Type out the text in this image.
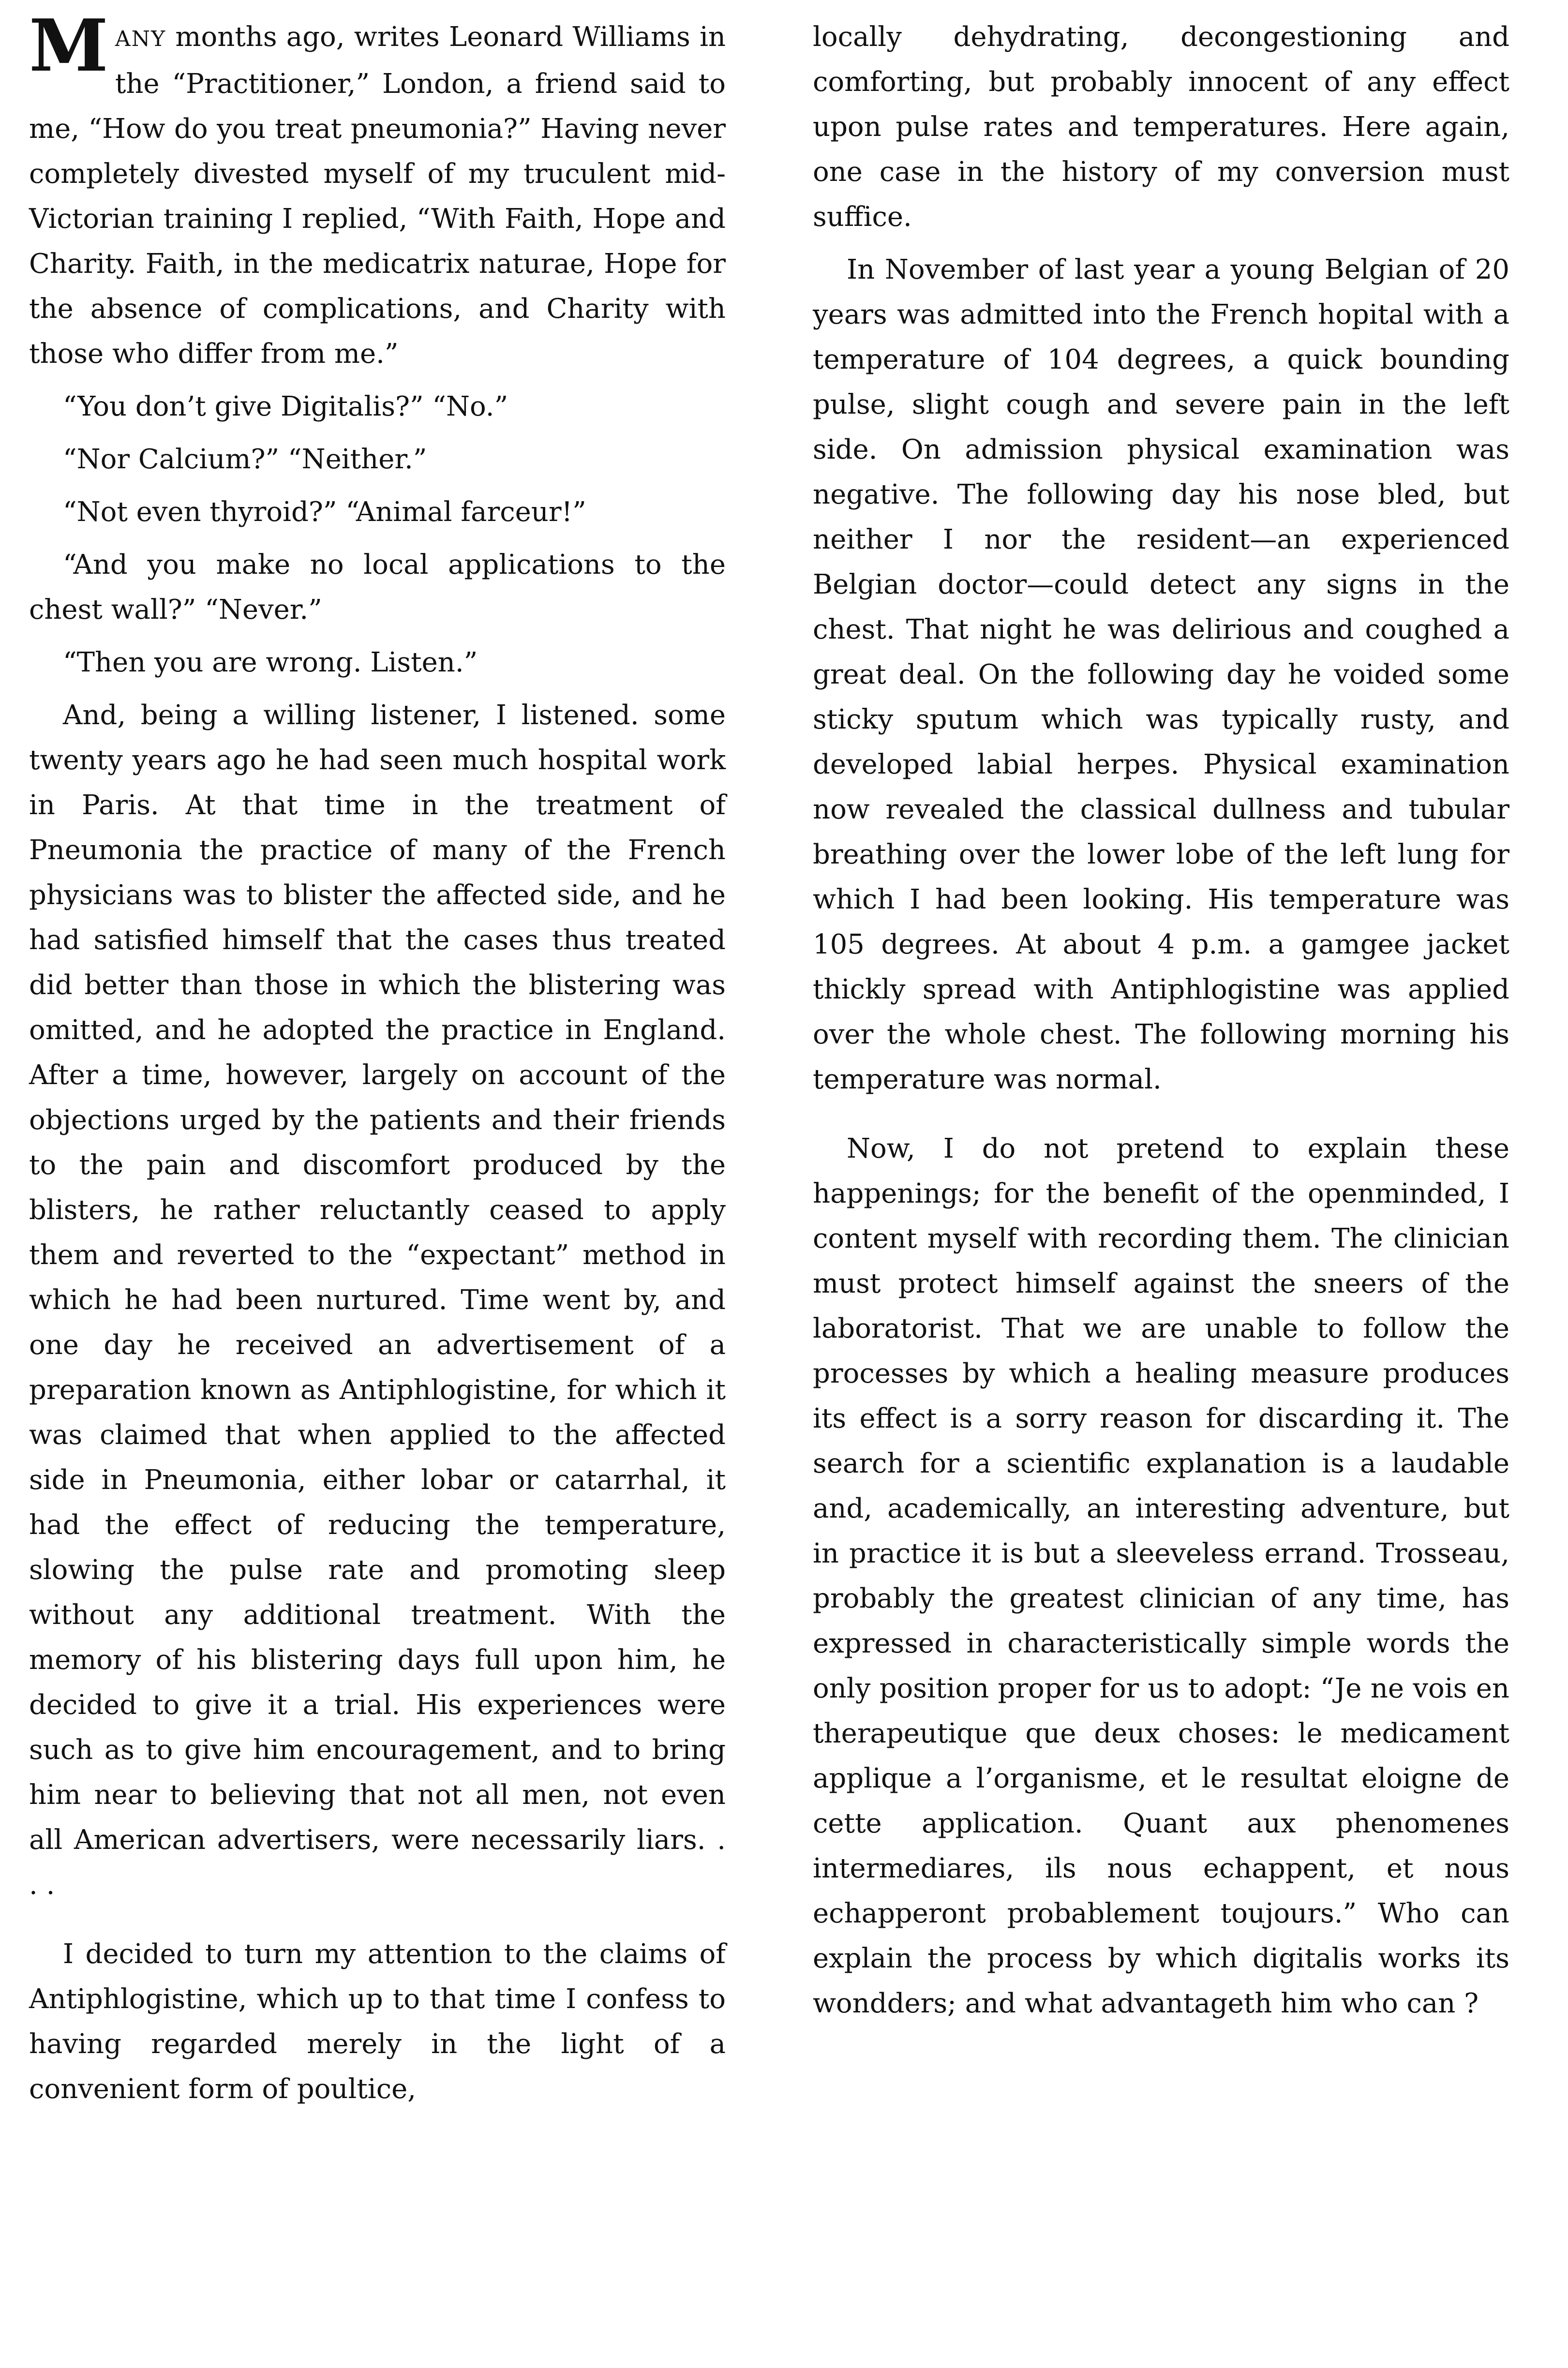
MANY months ago, writes Leonard Williams in the “Practitioner,” London, a friend said to me, “How do you treat pneumonia?” Having never completely divested myself of my truculent mid-Victorian training I replied, “With Faith, Hope and Charity. Faith, in the medicatrix naturae, Hope for the absence of complications, and Charity with those who differ from me.”

“You don’t give Digitalis?” “No.”

“Nor Calcium?” “Neither.”

“Not even thyroid?” “Animal farceur!”

“And you make no local applications to the chest wall?” “Never.”

“Then you are wrong. Listen.”

And, being a willing listener, I listened. some twenty years ago he had seen much hospital work in Paris. At that time in the treatment of Pneumonia the practice of many of the French physicians was to blister the affected side, and he had satisfied himself that the cases thus treated did better than those in which the blistering was omitted, and he adopted the practice in England. After a time, however, largely on account of the objections urged by the patients and their friends to the pain and discomfort produced by the blisters, he rather reluctantly ceased to apply them and reverted to the “expectant” method in which he had been nurtured. Time went by, and one day he received an advertisement of a preparation known as Antiphlogistine, for which it was claimed that when applied to the affected side in Pneumonia, either lobar or catarrhal, it had the effect of reducing the temperature, slowing the pulse rate and promoting sleep without any additional treatment. With the memory of his blistering days full upon him, he decided to give it a trial. His experiences were such as to give him encouragement, and to bring him near to believing that not all men, not even all American advertisers, were necessarily liars. . . .

I decided to turn my attention to the claims of Antiphlogistine, which up to that time I confess to having regarded merely in the light of a convenient form of poultice,

locally dehydrating, decongestioning and comforting, but probably innocent of any effect upon pulse rates and temperatures. Here again, one case in the history of my conversion must suffice.

In November of last year a young Belgian of 20 years was admitted into the French hopital with a temperature of 104 degrees, a quick bounding pulse, slight cough and severe pain in the left side. On admission physical examination was negative. The following day his nose bled, but neither I nor the resident—an experienced Belgian doctor—could detect any signs in the chest. That night he was delirious and coughed a great deal. On the following day he voided some sticky sputum which was typically rusty, and developed labial herpes. Physical examination now revealed the classical dullness and tubular breathing over the lower lobe of the left lung for which I had been looking. His temperature was 105 degrees. At about 4 p.m. a gamgee jacket thickly spread with Antiphlogistine was applied over the whole chest. The following morning his temperature was normal.

Now, I do not pretend to explain these happenings; for the benefit of the openminded, I content myself with recording them. The clinician must protect himself against the sneers of the laboratorist. That we are unable to follow the processes by which a healing measure produces its effect is a sorry reason for discarding it. The search for a scientific explanation is a laudable and, academically, an interesting adventure, but in practice it is but a sleeveless errand. Trosseau, probably the greatest clinician of any time, has expressed in characteristically simple words the only position proper for us to adopt: “Je ne vois en therapeutique que deux choses: le medicament applique a l’organisme, et le resultat eloigne de cette application. Quant aux phenomenes intermediares, ils nous echappent, et nous echapperont probablement toujours.” Who can explain the process by which digitalis works its wondders; and what advantageth him who can ?
